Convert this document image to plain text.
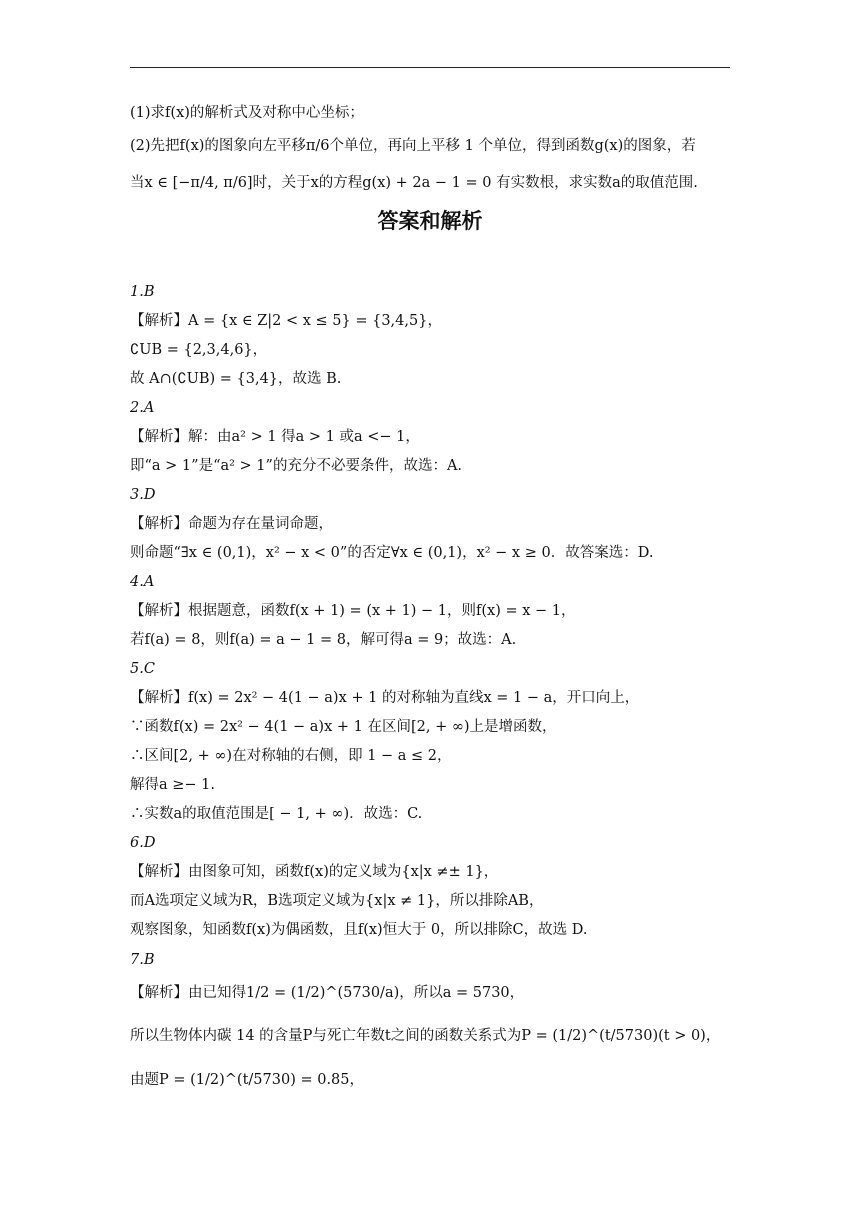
(1)求f(x)的解析式及对称中心坐标；
(2)先把f(x)的图象向左平移π/6个单位，再向上平移 1 个单位，得到函数g(x)的图象，若
当x ∈ [−π/4, π/6]时，关于x的方程g(x) + 2a − 1 = 0 有实数根，求实数a的取值范围.
答案和解析
1.B
【解析】A = {x ∈ Z|2 < x ≤ 5} = {3,4,5}，
∁UB = {2,3,4,6}，
故 A∩(∁UB) = {3,4}，故选 B.
2.A
【解析】解：由a² > 1 得a > 1 或a <− 1，
即“a > 1”是“a² > 1”的充分不必要条件，故选：A.
3.D
【解析】命题为存在量词命题，
则命题“∃x ∈ (0,1)，x² − x < 0”的否定∀x ∈ (0,1)，x² − x ≥ 0．故答案选：D.
4.A
【解析】根据题意，函数f(x + 1) = (x + 1) − 1，则f(x) = x − 1，
若f(a) = 8，则f(a) = a − 1 = 8，解可得a = 9；故选：A.
5.C
【解析】f(x) = 2x² − 4(1 − a)x + 1 的对称轴为直线x = 1 − a，开口向上，
∵函数f(x) = 2x² − 4(1 − a)x + 1 在区间[2, + ∞)上是增函数，
∴区间[2, + ∞)在对称轴的右侧，即 1 − a ≤ 2，
解得a ≥− 1.
∴实数a的取值范围是[ − 1, + ∞)．故选：C.
6.D
【解析】由图象可知，函数f(x)的定义域为{x|x ≠± 1}，
而A选项定义域为R，B选项定义域为{x|x ≠ 1}，所以排除AB，
观察图象，知函数f(x)为偶函数，且f(x)恒大于 0，所以排除C，故选 D.
7.B
【解析】由已知得1/2 = (1/2)^(5730/a)，所以a = 5730，
所以生物体内碳 14 的含量P与死亡年数t之间的函数关系式为P = (1/2)^(t/5730)(t > 0)，
由题P = (1/2)^(t/5730) = 0.85，
